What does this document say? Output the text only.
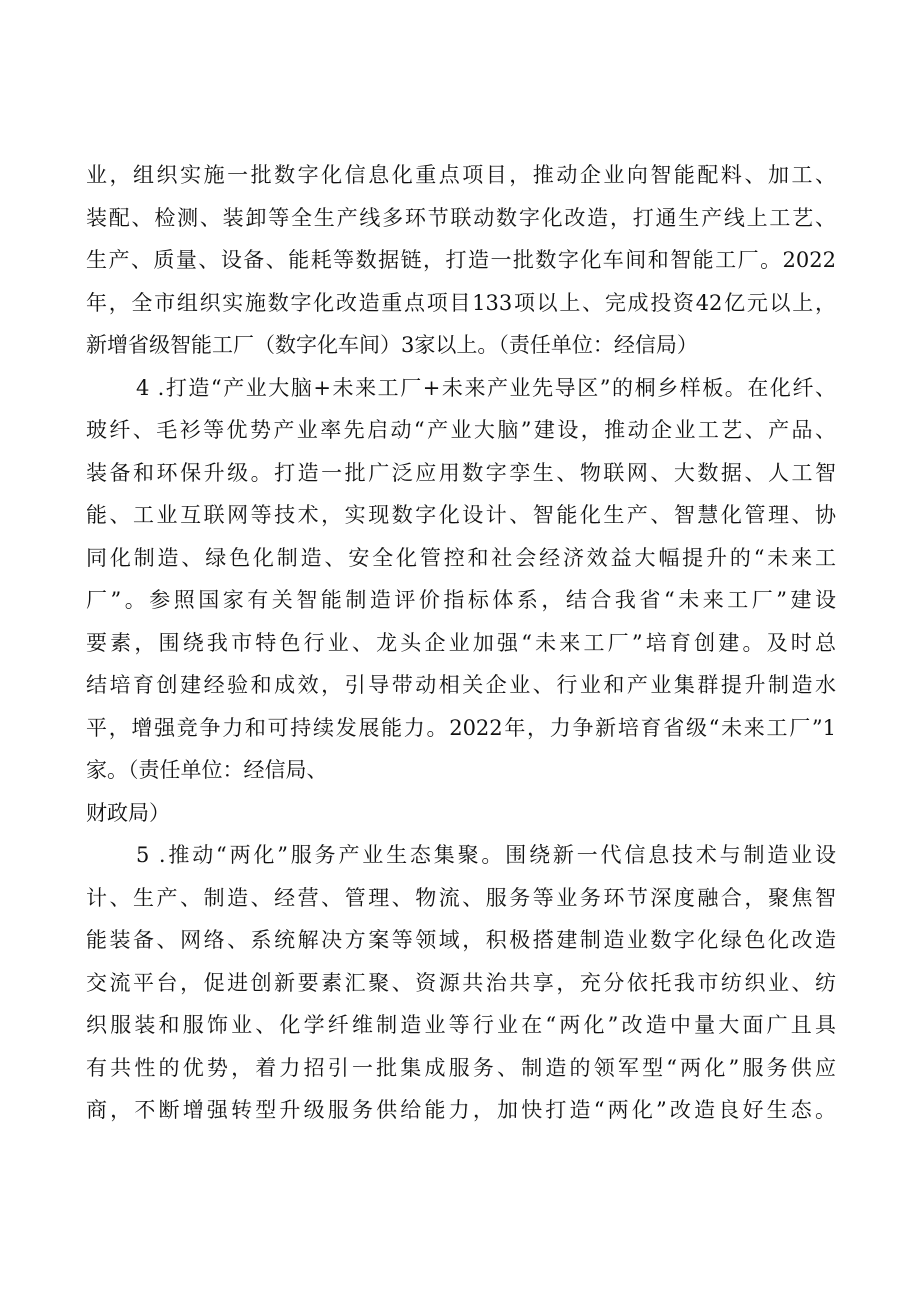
业，组织实施一批数字化信息化重点项目，推动企业向智能配料、加工、
装配、检测、装卸等全生产线多环节联动数字化改造，打通生产线上工艺、
生产、质量、设备、能耗等数据链，打造一批数字化车间和智能工厂。2022
年，全市组织实施数字化改造重点项目133项以上、完成投资42亿元以上，
新增省级智能工厂（数字化车间）3家以上。（责任单位：经信局）
4 .打造“产业大脑+未来工厂+未来产业先导区”的桐乡样板。在化纤、
玻纤、毛衫等优势产业率先启动“产业大脑”建设，推动企业工艺、产品、
装备和环保升级。打造一批广泛应用数字孪生、物联网、大数据、人工智
能、工业互联网等技术，实现数字化设计、智能化生产、智慧化管理、协
同化制造、绿色化制造、安全化管控和社会经济效益大幅提升的“未来工
厂”。参照国家有关智能制造评价指标体系，结合我省“未来工厂”建设
要素，围绕我市特色行业、龙头企业加强“未来工厂”培育创建。及时总
结培育创建经验和成效，引导带动相关企业、行业和产业集群提升制造水
平，增强竞争力和可持续发展能力。2022年，力争新培育省级“未来工厂”1
家。（责任单位：经信局、
财政局）
5 .推动“两化”服务产业生态集聚。围绕新一代信息技术与制造业设
计、生产、制造、经营、管理、物流、服务等业务环节深度融合，聚焦智
能装备、网络、系统解决方案等领域，积极搭建制造业数字化绿色化改造
交流平台，促进创新要素汇聚、资源共治共享，充分依托我市纺织业、纺
织服装和服饰业、化学纤维制造业等行业在“两化”改造中量大面广且具
有共性的优势，着力招引一批集成服务、制造的领军型“两化”服务供应
商，不断增强转型升级服务供给能力，加快打造“两化”改造良好生态。
